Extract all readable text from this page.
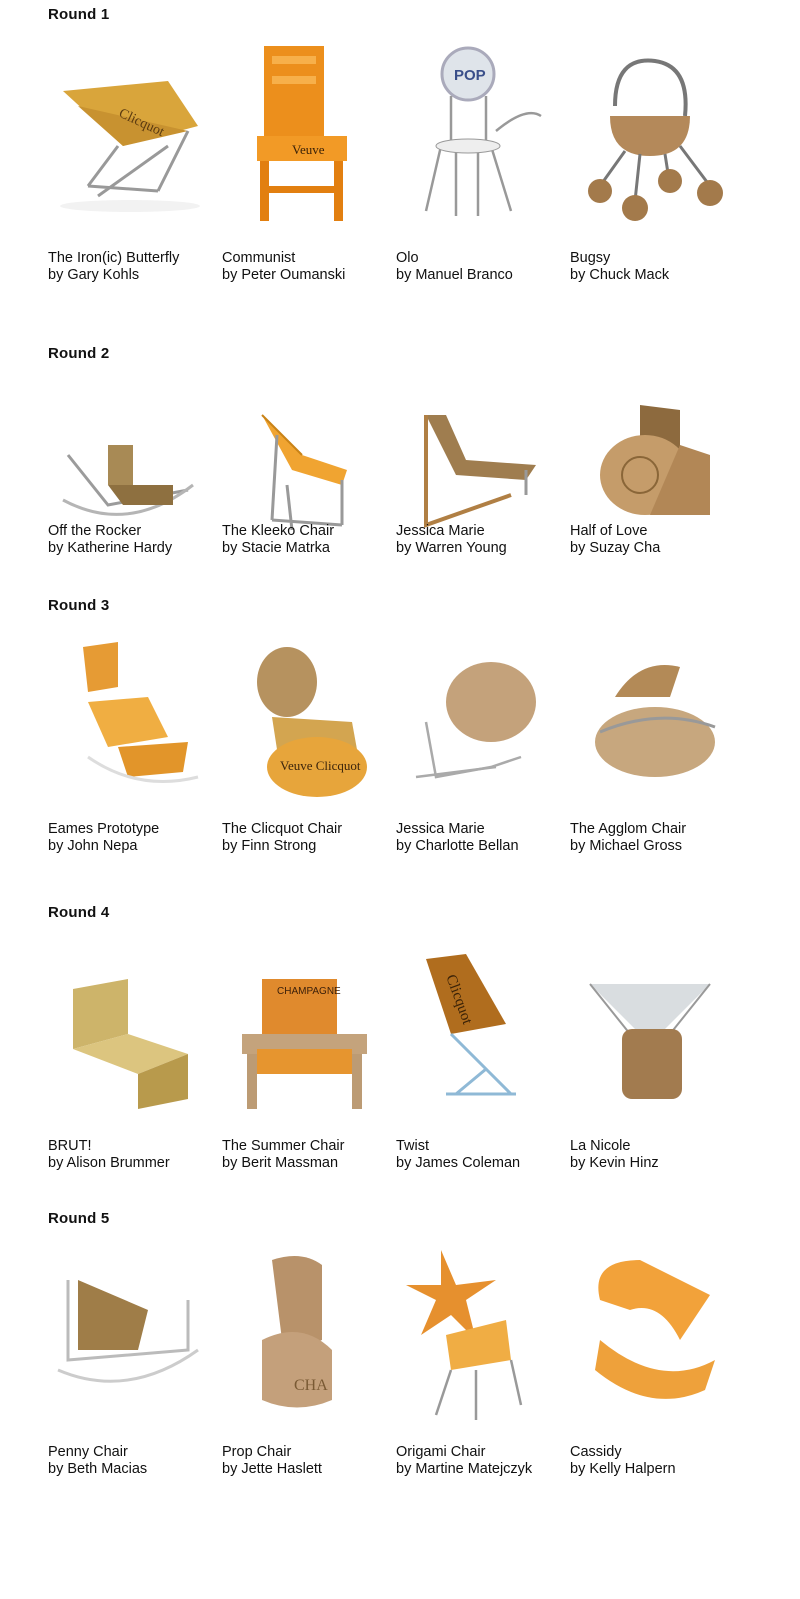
Round 1
Clicquot
The Iron(ic) Butterfly
by Gary Kohls
Veuve
Communist
by Peter Oumanski
POP
Olo
by Manuel Branco
Bugsy
by Chuck Mack
Round 2
Off the Rocker
by Katherine Hardy
The Kleeko Chair
by Stacie Matrka
Jessica Marie
by Warren Young
Half of Love
by Suzay Cha
Round 3
Eames Prototype
by John Nepa
Veuve Clicquot
The Clicquot Chair
by Finn Strong
Jessica Marie
by Charlotte Bellan
The Agglom Chair
by Michael Gross
Round 4
BRUT!
by Alison Brummer
CHAMPAGNE
The Summer Chair
by Berit Massman
Clicquot
Twist
by James Coleman
La Nicole
by Kevin Hinz
Round 5
Penny Chair
by Beth Macias
CHA
Prop Chair
by Jette Haslett
Origami Chair
by Martine Matejczyk
Cassidy
by Kelly Halpern
